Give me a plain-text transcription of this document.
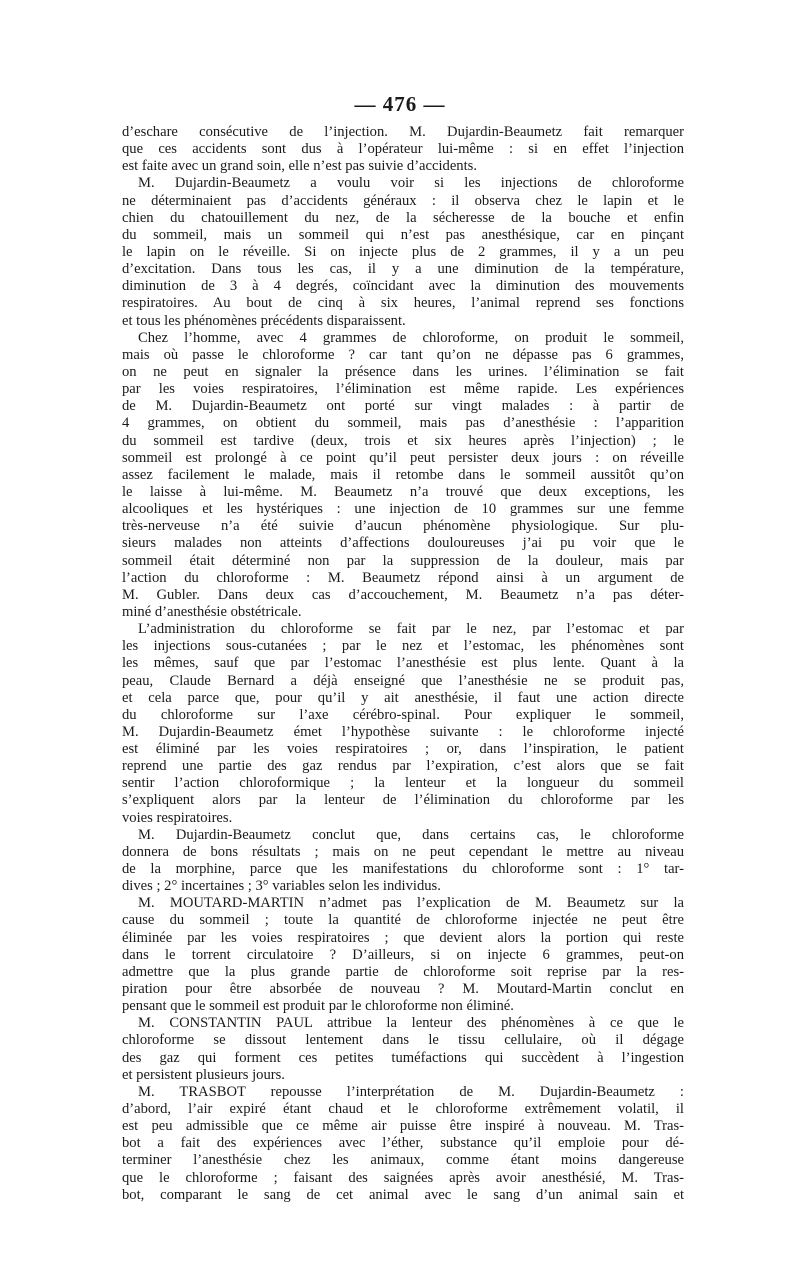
— 476 —
d’eschare consécutive de l’injection. M. Dujardin-Beaumetz fait remarquer
que ces accidents sont dus à l’opérateur lui-même : si en effet l’injection
est faite avec un grand soin, elle n’est pas suivie d’accidents.
M. Dujardin-Beaumetz a voulu voir si les injections de chloroforme
ne déterminaient pas d’accidents généraux : il observa chez le lapin et le
chien du chatouillement du nez, de la sécheresse de la bouche et enfin
du sommeil, mais un sommeil qui n’est pas anesthésique, car en pinçant
le lapin on le réveille. Si on injecte plus de 2 grammes, il y a un peu
d’excitation. Dans tous les cas, il y a une diminution de la température,
diminution de 3 à 4 degrés, coïncidant avec la diminution des mouvements
respiratoires. Au bout de cinq à six heures, l’animal reprend ses fonctions
et tous les phénomènes précédents disparaissent.
Chez l’homme, avec 4 grammes de chloroforme, on produit le sommeil,
mais où passe le chloroforme ? car tant qu’on ne dépasse pas 6 grammes,
on ne peut en signaler la présence dans les urines. l’élimination se fait
par les voies respiratoires, l’élimination est même rapide. Les expériences
de M. Dujardin-Beaumetz ont porté sur vingt malades : à partir de
4 grammes, on obtient du sommeil, mais pas d’anesthésie : l’apparition
du sommeil est tardive (deux, trois et six heures après l’injection) ; le
sommeil est prolongé à ce point qu’il peut persister deux jours : on réveille
assez facilement le malade, mais il retombe dans le sommeil aussitôt qu’on
le laisse à lui-même. M. Beaumetz n’a trouvé que deux exceptions, les
alcooliques et les hystériques : une injection de 10 grammes sur une femme
très-nerveuse n’a été suivie d’aucun phénomène physiologique. Sur plu-
sieurs malades non atteints d’affections douloureuses j’ai pu voir que le
sommeil était déterminé non par la suppression de la douleur, mais par
l’action du chloroforme : M. Beaumetz répond ainsi à un argument de
M. Gubler. Dans deux cas d’accouchement, M. Beaumetz n’a pas déter-
miné d’anesthésie obstétricale.
L’administration du chloroforme se fait par le nez, par l’estomac et par
les injections sous-cutanées ; par le nez et l’estomac, les phénomènes sont
les mêmes, sauf que par l’estomac l’anesthésie est plus lente. Quant à la
peau, Claude Bernard a déjà enseigné que l’anesthésie ne se produit pas,
et cela parce que, pour qu’il y ait anesthésie, il faut une action directe
du chloroforme sur l’axe cérébro-spinal. Pour expliquer le sommeil,
M. Dujardin-Beaumetz émet l’hypothèse suivante : le chloroforme injecté
est éliminé par les voies respiratoires ; or, dans l’inspiration, le patient
reprend une partie des gaz rendus par l’expiration, c’est alors que se fait
sentir l’action chloroformique ; la lenteur et la longueur du sommeil
s’expliquent alors par la lenteur de l’élimination du chloroforme par les
voies respiratoires.
M. Dujardin-Beaumetz conclut que, dans certains cas, le chloroforme
donnera de bons résultats ; mais on ne peut cependant le mettre au niveau
de la morphine, parce que les manifestations du chloroforme sont : 1° tar-
dives ; 2° incertaines ; 3° variables selon les individus.
M. MOUTARD-MARTIN n’admet pas l’explication de M. Beaumetz sur la
cause du sommeil ; toute la quantité de chloroforme injectée ne peut être
éliminée par les voies respiratoires ; que devient alors la portion qui reste
dans le torrent circulatoire ? D’ailleurs, si on injecte 6 grammes, peut-on
admettre que la plus grande partie de chloroforme soit reprise par la res-
piration pour être absorbée de nouveau ? M. Moutard-Martin conclut en
pensant que le sommeil est produit par le chloroforme non éliminé.
M. CONSTANTIN PAUL attribue la lenteur des phénomènes à ce que le
chloroforme se dissout lentement dans le tissu cellulaire, où il dégage
des gaz qui forment ces petites tuméfactions qui succèdent à l’ingestion
et persistent plusieurs jours.
M. TRASBOT repousse l’interprétation de M. Dujardin-Beaumetz :
d’abord, l’air expiré étant chaud et le chloroforme extrêmement volatil, il
est peu admissible que ce même air puisse être inspiré à nouveau. M. Tras-
bot a fait des expériences avec l’éther, substance qu’il emploie pour dé-
terminer l’anesthésie chez les animaux, comme étant moins dangereuse
que le chloroforme ; faisant des saignées après avoir anesthésié, M. Tras-
bot, comparant le sang de cet animal avec le sang d’un animal sain et
